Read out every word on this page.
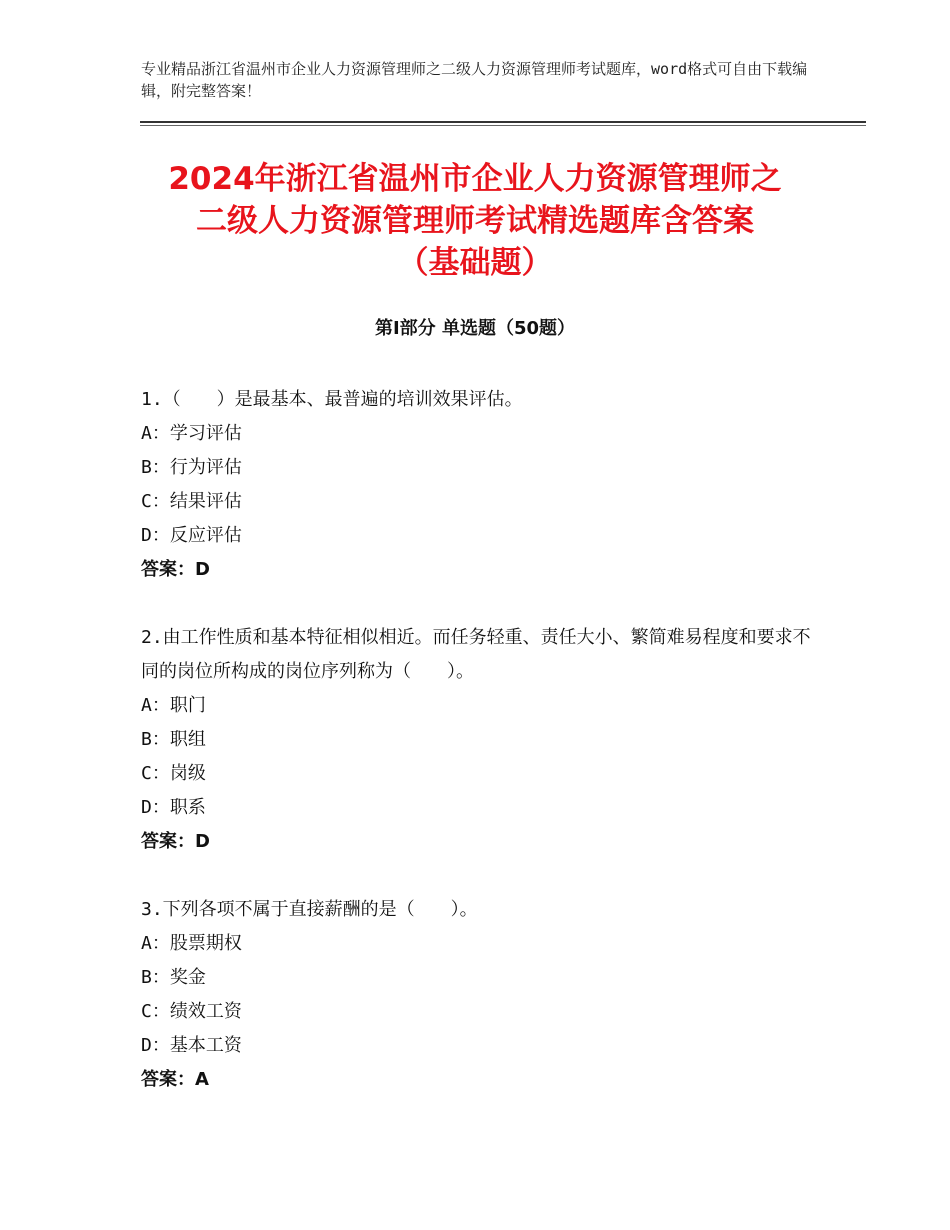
专业精品浙江省温州市企业人力资源管理师之二级人力资源管理师考试题库，word格式可自由下载编辑，附完整答案！
2024年浙江省温州市企业人力资源管理师之
二级人力资源管理师考试精选题库含答案
（基础题）
第Ⅰ部分 单选题（50题）
1.（　　）是最基本、最普遍的培训效果评估。
A：学习评估
B：行为评估
C：结果评估
D：反应评估
答案：D
2.由工作性质和基本特征相似相近。而任务轻重、责任大小、繁简难易程度和要求不同的岗位所构成的岗位序列称为（　　）。
A：职门
B：职组
C：岗级
D：职系
答案：D
3.下列各项不属于直接薪酬的是（　　）。
A：股票期权
B：奖金
C：绩效工资
D：基本工资
答案：A
